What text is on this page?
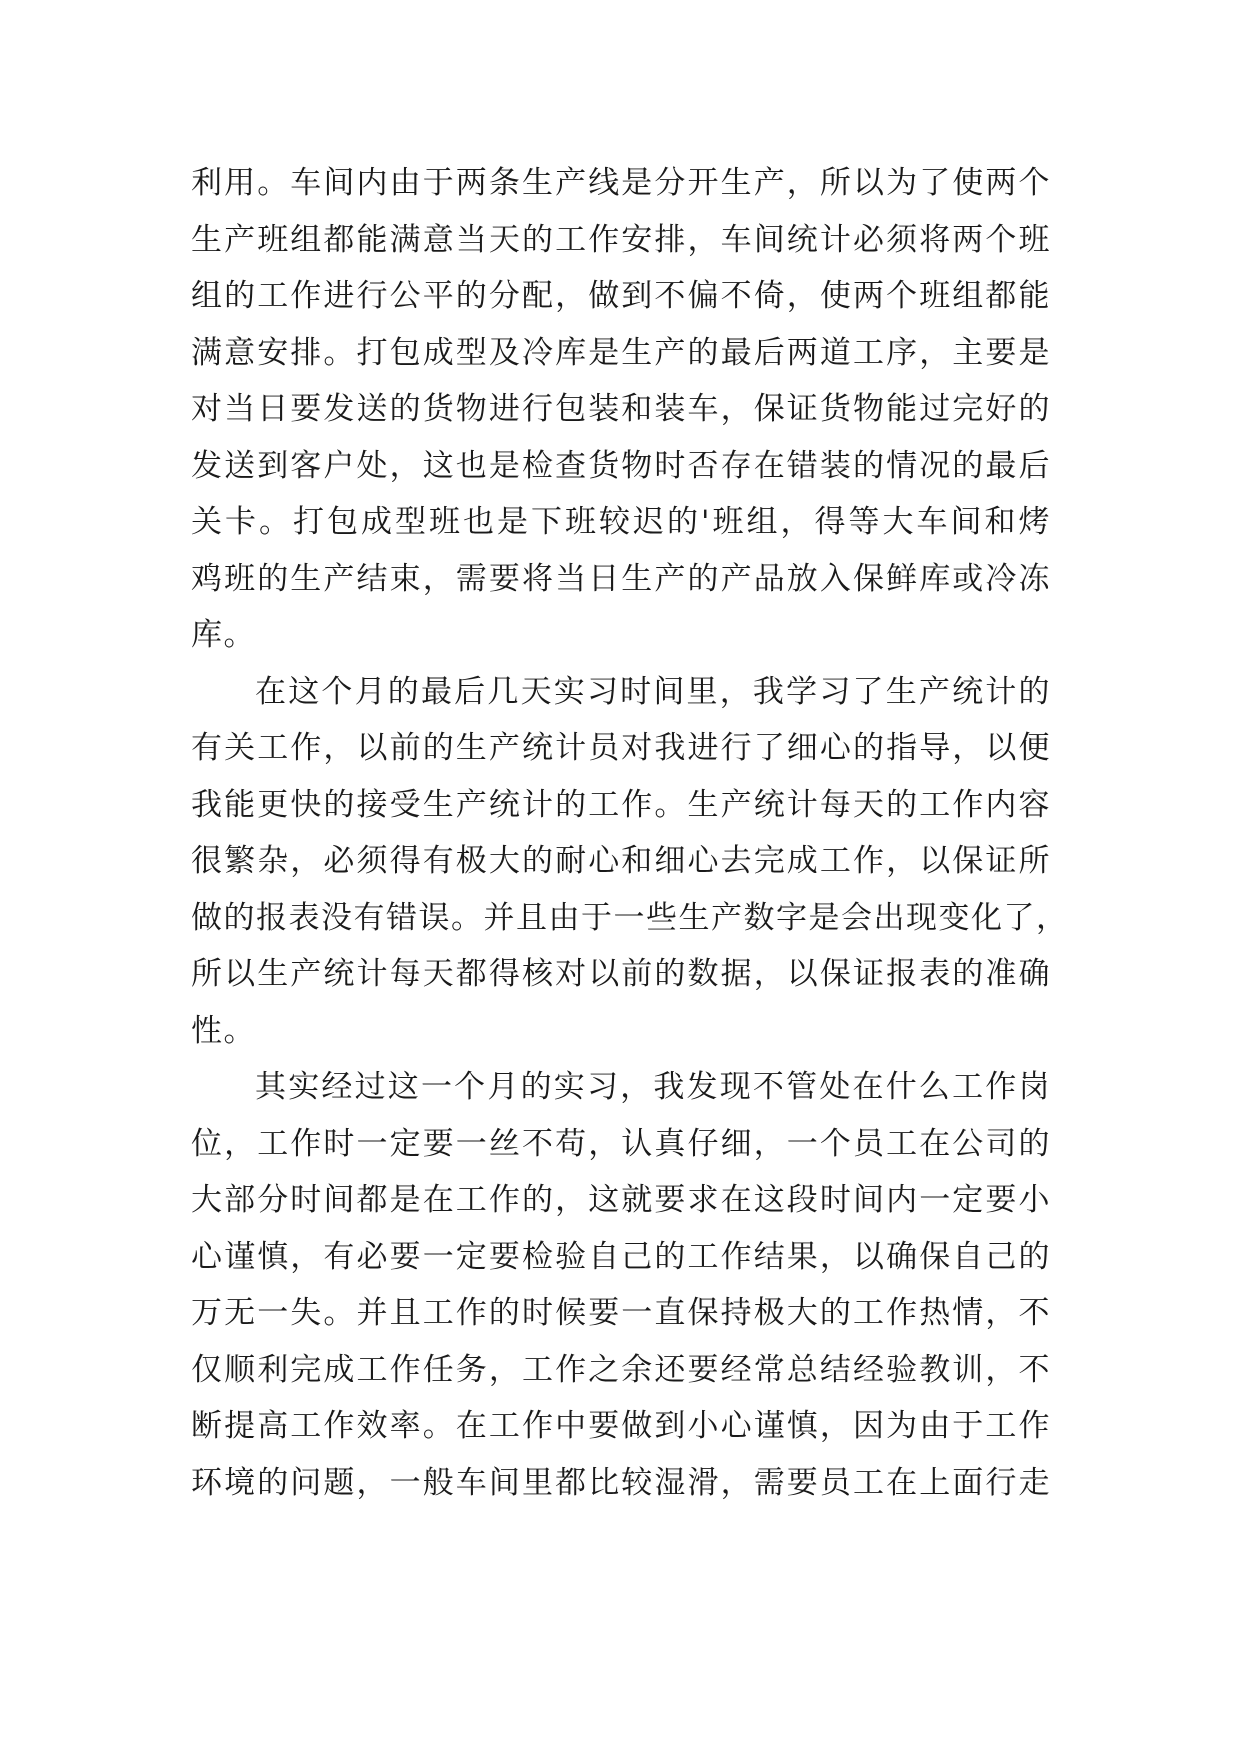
利用。车间内由于两条生产线是分开生产，所以为了使两个
生产班组都能满意当天的工作安排，车间统计必须将两个班
组的工作进行公平的分配，做到不偏不倚，使两个班组都能
满意安排。打包成型及冷库是生产的最后两道工序，主要是
对当日要发送的货物进行包装和装车，保证货物能过完好的
发送到客户处，这也是检查货物时否存在错装的情况的最后
关卡。打包成型班也是下班较迟的'班组，得等大车间和烤
鸡班的生产结束，需要将当日生产的产品放入保鲜库或冷冻
库。
在这个月的最后几天实习时间里，我学习了生产统计的
有关工作，以前的生产统计员对我进行了细心的指导，以便
我能更快的接受生产统计的工作。生产统计每天的工作内容
很繁杂，必须得有极大的耐心和细心去完成工作，以保证所
做的报表没有错误。并且由于一些生产数字是会出现变化了，
所以生产统计每天都得核对以前的数据，以保证报表的准确
性。
其实经过这一个月的实习，我发现不管处在什么工作岗
位，工作时一定要一丝不苟，认真仔细，一个员工在公司的
大部分时间都是在工作的，这就要求在这段时间内一定要小
心谨慎，有必要一定要检验自己的工作结果，以确保自己的
万无一失。并且工作的时候要一直保持极大的工作热情，不
仅顺利完成工作任务，工作之余还要经常总结经验教训，不
断提高工作效率。在工作中要做到小心谨慎，因为由于工作
环境的问题，一般车间里都比较湿滑，需要员工在上面行走
